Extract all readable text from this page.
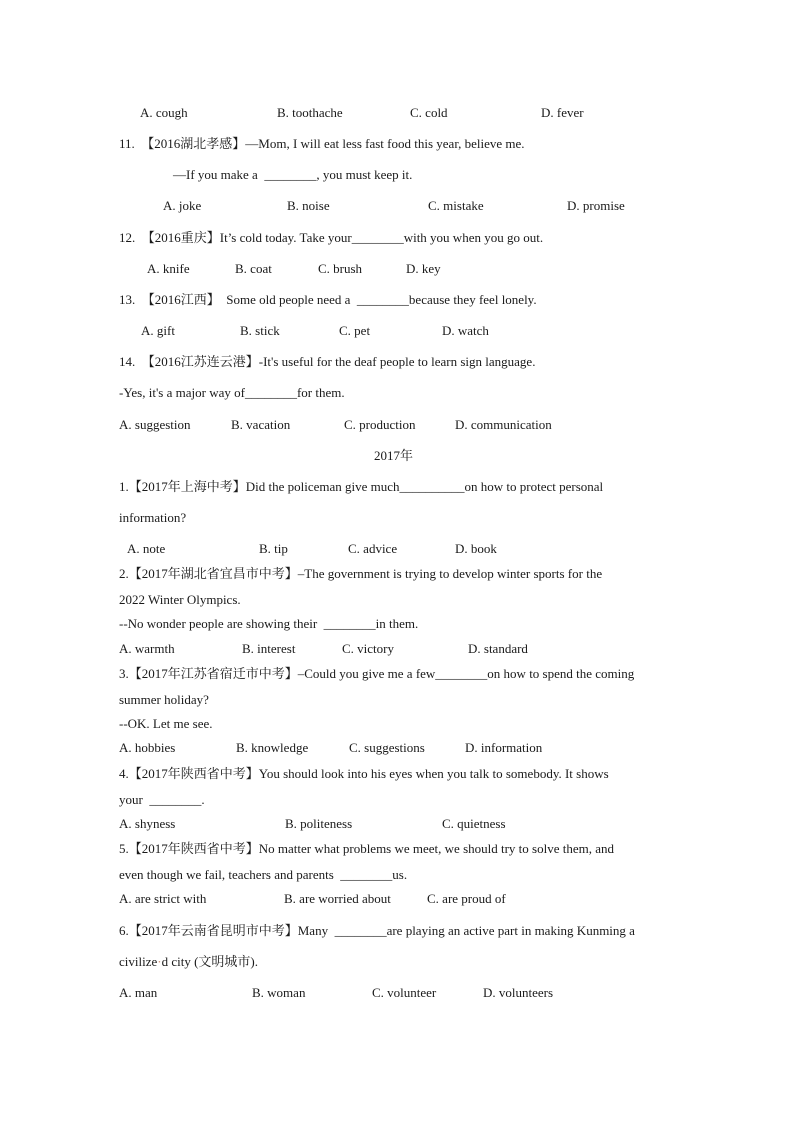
A. cough	B. toothache	C. cold	D. fever
11.  【2016湖北孝感】—Mom, I will eat less fast food this year, believe me.
—If you make a  ________, you must keep it.
A. joke	B. noise	C. mistake	D. promise
12.  【2016重庆】It’s cold today. Take your________with you when you go out.
A. knife	B. coat	C. brush	D. key
13.  【2016江西】  Some old people need a  ________because they feel lonely.
A. gift	B. stick	C. pet	D. watch
14.  【2016江苏连云港】-It's useful for the deaf people to learn sign language.
-Yes, it's a major way of________for them.
A. suggestion	B. vacation	C. production	D. communication
2017年
1.【2017年上海中考】Did the policeman give much__________on how to protect personal
information?
A. note	B. tip	C. advice	D. book
2.【2017年湖北省宜昌市中考】–The government is trying to develop winter sports for the
2022 Winter Olympics.
--No wonder people are showing their  ________in them.
A. warmth	B. interest	C. victory	D. standard
3.【2017年江苏省宿迁市中考】–Could you give me a few________on how to spend the coming
summer holiday?
--OK. Let me see.
A. hobbies	B. knowledge	C. suggestions	D. information
4.【2017年陕西省中考】You should look into his eyes when you talk to somebody. It shows
your  ________.
A. shyness	B. politeness	C. quietness
5.【2017年陕西省中考】No matter what problems we meet, we should try to solve them, and
even though we fail, teachers and parents  ________us.
A. are strict with	B. are worried about	C. are proud of
6.【2017年云南省昆明市中考】Many  ________are playing an active part in making Kunming a
civilize·d city (文明城市).
A. man	B. woman	C. volunteer	D. volunteers
